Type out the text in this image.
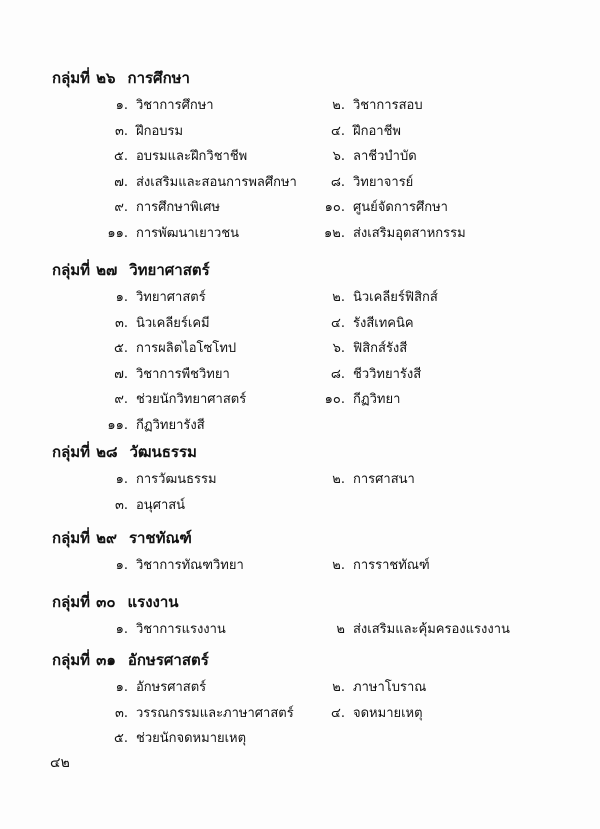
กลุ่มที่ ๒๖ การศึกษา
๑. วิชาการศึกษา	๒. วิชาการสอบ
๓. ฝึกอบรม	๔. ฝึกอาชีพ
๕. อบรมและฝึกวิชาชีพ	๖. ลาชีวบำบัด
๗. ส่งเสริมและสอนการพลศึกษา	๘. วิทยาจารย์
๙. การศึกษาพิเศษ	๑๐. ศูนย์จัดการศึกษา
๑๑. การพัฒนาเยาวชน	๑๒. ส่งเสริมอุตสาหกรรม
กลุ่มที่ ๒๗ วิทยาศาสตร์
๑. วิทยาศาสตร์	๒. นิวเคลียร์ฟิสิกส์
๓. นิวเคลียร์เคมี	๔. รังสีเทคนิค
๕. การผลิตไอโซโทป	๖. ฟิสิกส์รังสี
๗. วิชาการพืชวิทยา	๘. ชีววิทยารังสี
๙. ช่วยนักวิทยาศาสตร์	๑๐. กีฏวิทยา
๑๑. กีฏวิทยารังสี
กลุ่มที่ ๒๘ วัฒนธรรม
๑. การวัฒนธรรม	๒. การศาสนา
๓. อนุศาสน์
กลุ่มที่ ๒๙ ราชทัณฑ์
๑. วิชาการทัณฑวิทยา	๒. การราชทัณฑ์
กลุ่มที่ ๓๐ แรงงาน
๑. วิชาการแรงงาน	๒ ส่งเสริมและคุ้มครองแรงงาน
กลุ่มที่ ๓๑ อักษรศาสตร์
๑. อักษรศาสตร์	๒. ภาษาโบราณ
๓. วรรณกรรมและภาษาศาสตร์	๔. จดหมายเหตุ
๕. ช่วยนักจดหมายเหตุ
๔๒
